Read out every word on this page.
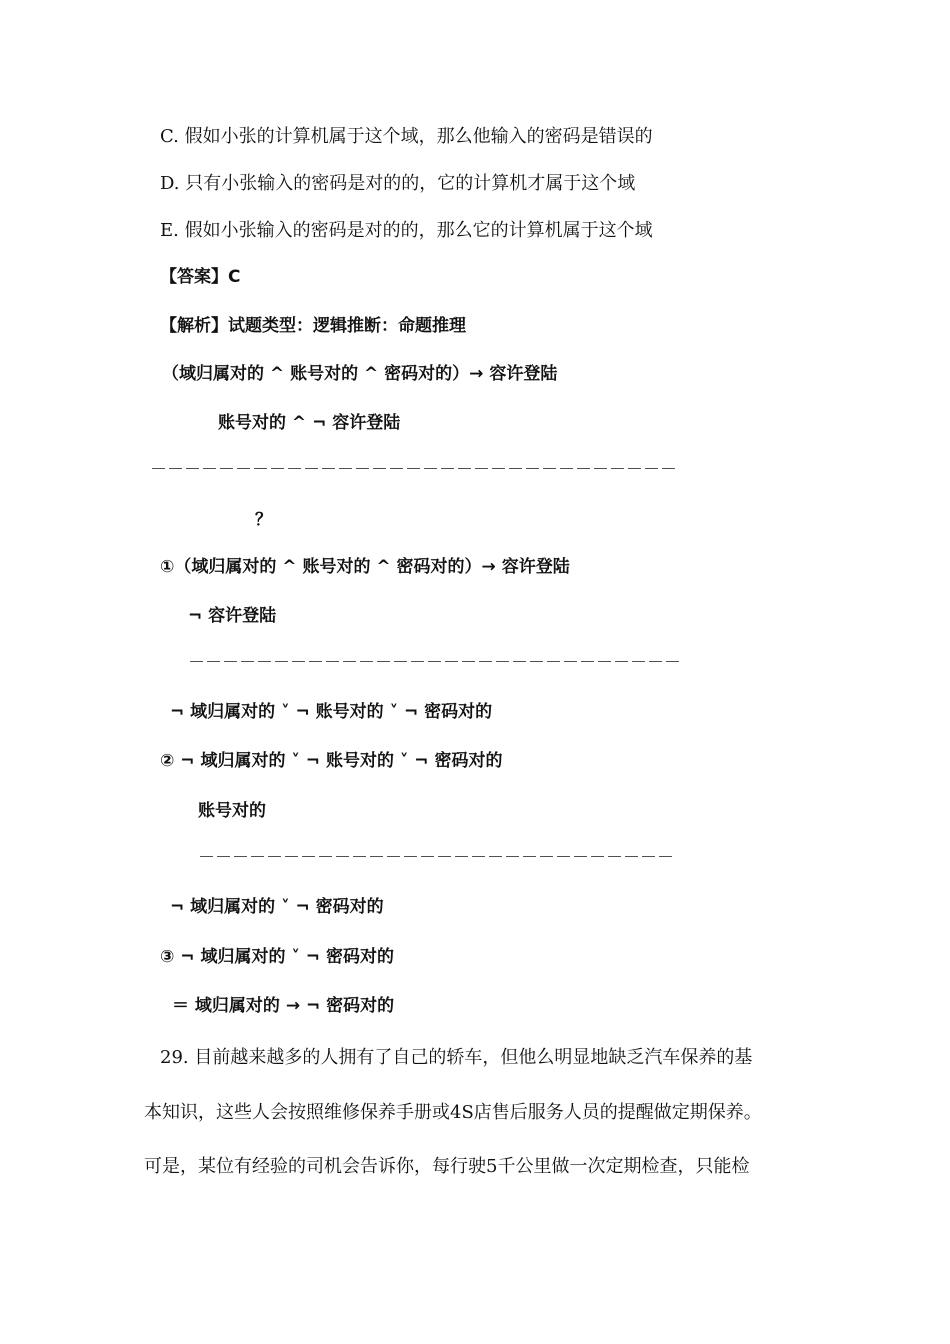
C. 假如小张的计算机属于这个域，那么他输入的密码是错误的
D. 只有小张输入的密码是对的的，它的计算机才属于这个域
E. 假如小张输入的密码是对的的，那么它的计算机属于这个域
【答案】C
【解析】试题类型：逻辑推断：命题推理
（域归属对的 ^ 账号对的 ^ 密码对的）→ 容许登陆
账号对的 ^ ¬ 容许登陆
－－－－－－－－－－－－－－－－－－－－－－－－－－－－－－－
？
①（域归属对的 ^ 账号对的 ^ 密码对的）→ 容许登陆
¬ 容许登陆
－－－－－－－－－－－－－－－－－－－－－－－－－－－－－
¬ 域归属对的 ˅ ¬ 账号对的 ˅ ¬ 密码对的
② ¬ 域归属对的 ˅ ¬ 账号对的 ˅ ¬ 密码对的
账号对的
－－－－－－－－－－－－－－－－－－－－－－－－－－－－
¬ 域归属对的 ˅ ¬ 密码对的
③ ¬ 域归属对的 ˅ ¬ 密码对的
＝ 域归属对的 → ¬ 密码对的
29. 目前越来越多的人拥有了自己的轿车，但他么明显地缺乏汽车保养的基
本知识，这些人会按照维修保养手册或4S店售后服务人员的提醒做定期保养。
可是，某位有经验的司机会告诉你，每行驶5千公里做一次定期检查，只能检
